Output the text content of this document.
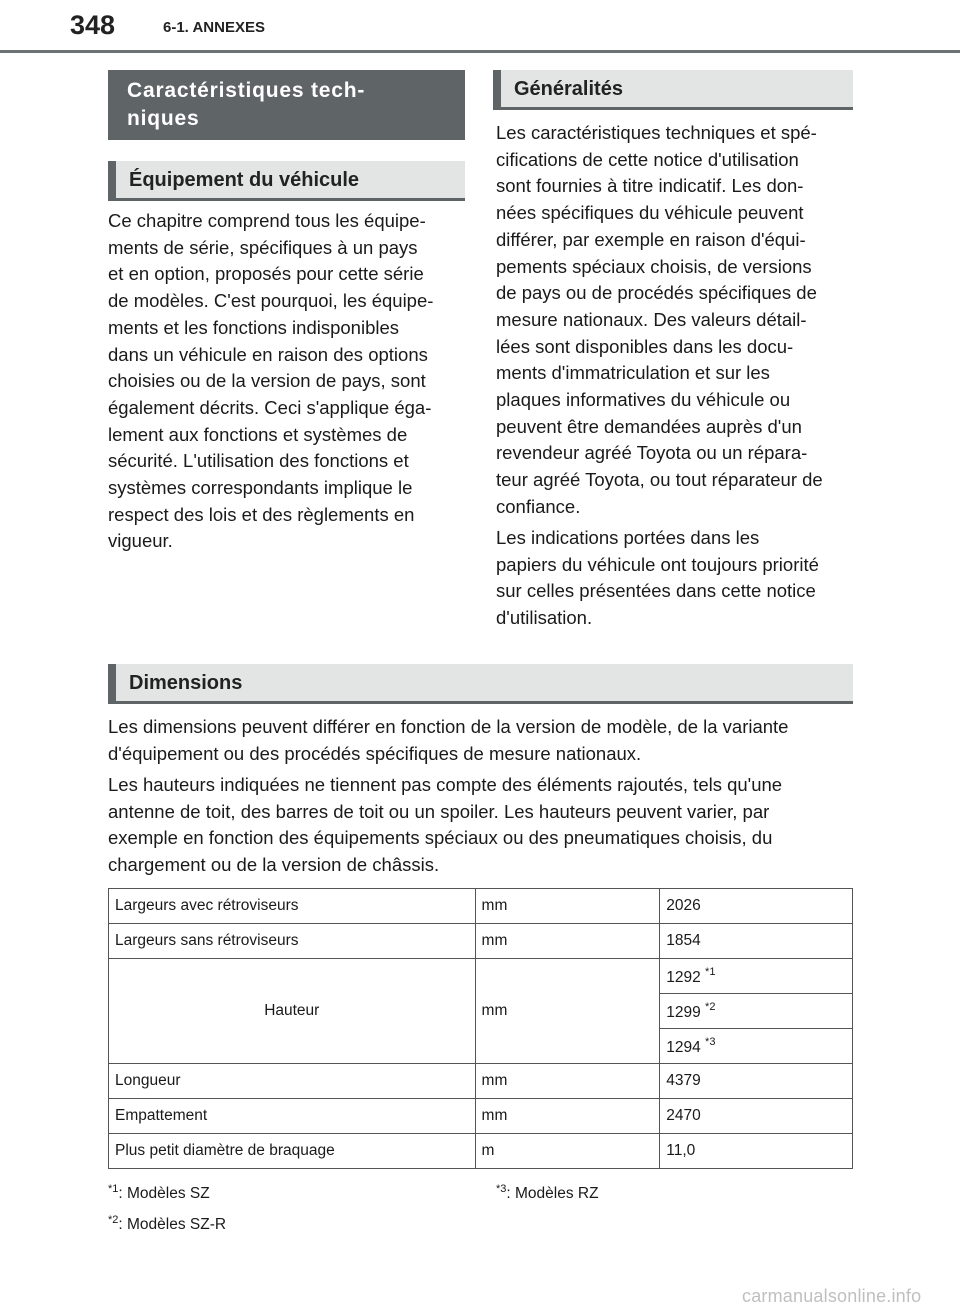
348	6-1. ANNEXES
Caractéristiques tech-
niques
Équipement du véhicule
Ce chapitre comprend tous les équipe-
ments de série, spécifiques à un pays
et en option, proposés pour cette série
de modèles. C'est pourquoi, les équipe-
ments et les fonctions indisponibles
dans un véhicule en raison des options
choisies ou de la version de pays, sont
également décrits. Ceci s'applique éga-
lement aux fonctions et systèmes de
sécurité. L'utilisation des fonctions et
systèmes correspondants implique le
respect des lois et des règlements en
vigueur.
Généralités
Les caractéristiques techniques et spé-
cifications de cette notice d'utilisation
sont fournies à titre indicatif. Les don-
nées spécifiques du véhicule peuvent
différer, par exemple en raison d'équi-
pements spéciaux choisis, de versions
de pays ou de procédés spécifiques de
mesure nationaux. Des valeurs détail-
lées sont disponibles dans les docu-
ments d'immatriculation et sur les
plaques informatives du véhicule ou
peuvent être demandées auprès d'un
revendeur agréé Toyota ou un répara-
teur agréé Toyota, ou tout réparateur de
confiance.
Les indications portées dans les
papiers du véhicule ont toujours priorité
sur celles présentées dans cette notice
d'utilisation.
Dimensions
Les dimensions peuvent différer en fonction de la version de modèle, de la variante
d'équipement ou des procédés spécifiques de mesure nationaux.
Les hauteurs indiquées ne tiennent pas compte des éléments rajoutés, tels qu'une
antenne de toit, des barres de toit ou un spoiler. Les hauteurs peuvent varier, par
exemple en fonction des équipements spéciaux ou des pneumatiques choisis, du
chargement ou de la version de châssis.
Largeurs avec rétroviseurs	mm	2026
Largeurs sans rétroviseurs	mm	1854
Hauteur	mm	1292 $^{*1}$
		1299 $^{*2}$
		1294 $^{*3}$
Longueur	mm	4379
Empattement	mm	2470
Plus petit diamètre de braquage	m	11,0
$^{*1}$: Modèles SZ
$^{*2}$: Modèles SZ-R
$^{*3}$: Modèles RZ
carmanualsonline.info
